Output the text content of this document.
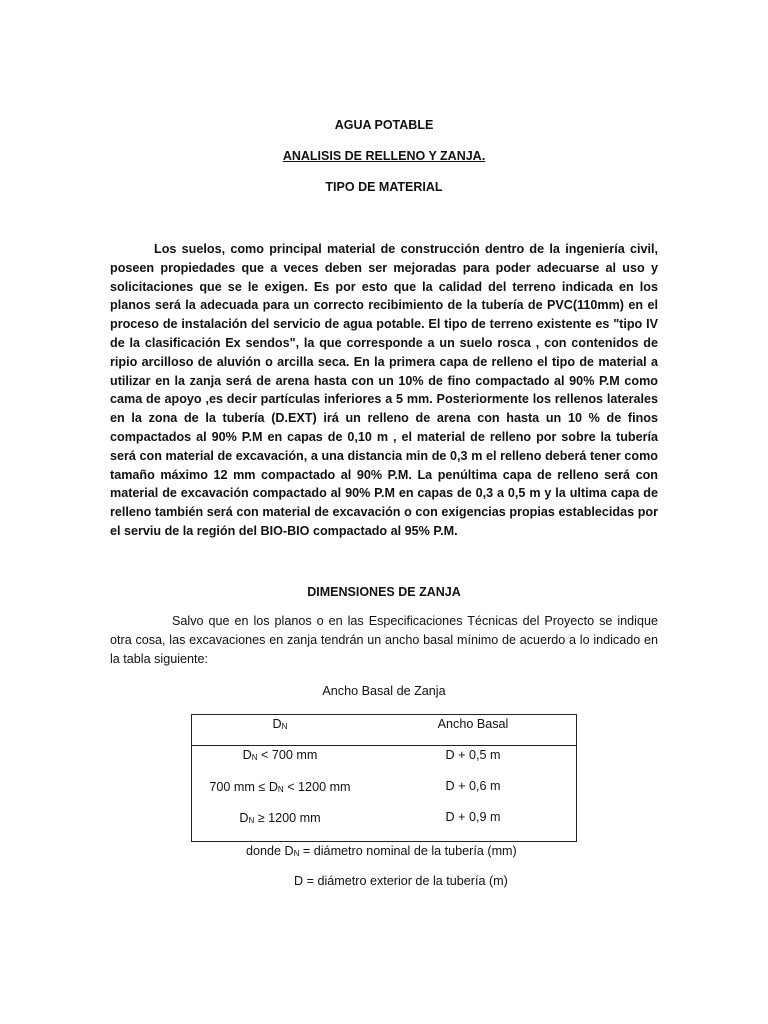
AGUA POTABLE
ANALISIS DE RELLENO Y ZANJA.
TIPO DE MATERIAL

Los suelos, como principal material de construcción dentro de la ingeniería civil, poseen propiedades que a veces deben ser mejoradas para poder adecuarse al uso y solicitaciones que se le exigen. Es por esto que la calidad del terreno indicada en los planos será la adecuada para un correcto recibimiento de la tubería de PVC(110mm) en el proceso de instalación del servicio de agua potable. El tipo de terreno existente es "tipo IV de la clasificación Ex sendos", la que corresponde a un suelo rosca , con contenidos de ripio arcilloso de aluvión o arcilla seca. En la primera capa de relleno el tipo de material a utilizar en la zanja será de arena hasta con un 10% de fino compactado al 90% P.M como cama de apoyo ,es decir partículas inferiores a 5 mm. Posteriormente los rellenos laterales en la zona de la tubería (D.EXT) irá un relleno de arena con hasta un 10 % de finos compactados al 90% P.M en capas de 0,10 m , el material de relleno por sobre la tubería será con material de excavación, a una distancia min de 0,3 m el relleno deberá tener como tamaño máximo 12 mm compactado al 90% P.M. La penúltima capa de relleno será con material de excavación compactado al 90% P.M en capas de 0,3 a 0,5 m y la ultima capa de relleno también será con material de excavación o con exigencias propias establecidas por el serviu de la región del BIO-BIO compactado al 95% P.M.

DIMENSIONES DE ZANJA

Salvo que en los planos o en las Especificaciones Técnicas del Proyecto se indique otra cosa, las excavaciones en zanja tendrán un ancho basal mínimo de acuerdo a lo indicado en la tabla siguiente:

Ancho Basal de Zanja
$D_N$	Ancho Basal
$D_N < 700$ mm	D + 0,5 m
700 mm ≤ $D_N < 1200$ mm	D + 0,6 m
$D_N \ge 1200$ mm	D + 0,9 m
donde $D_N$ = diámetro nominal de la tubería (mm)
D = diámetro exterior de la tubería (m)
